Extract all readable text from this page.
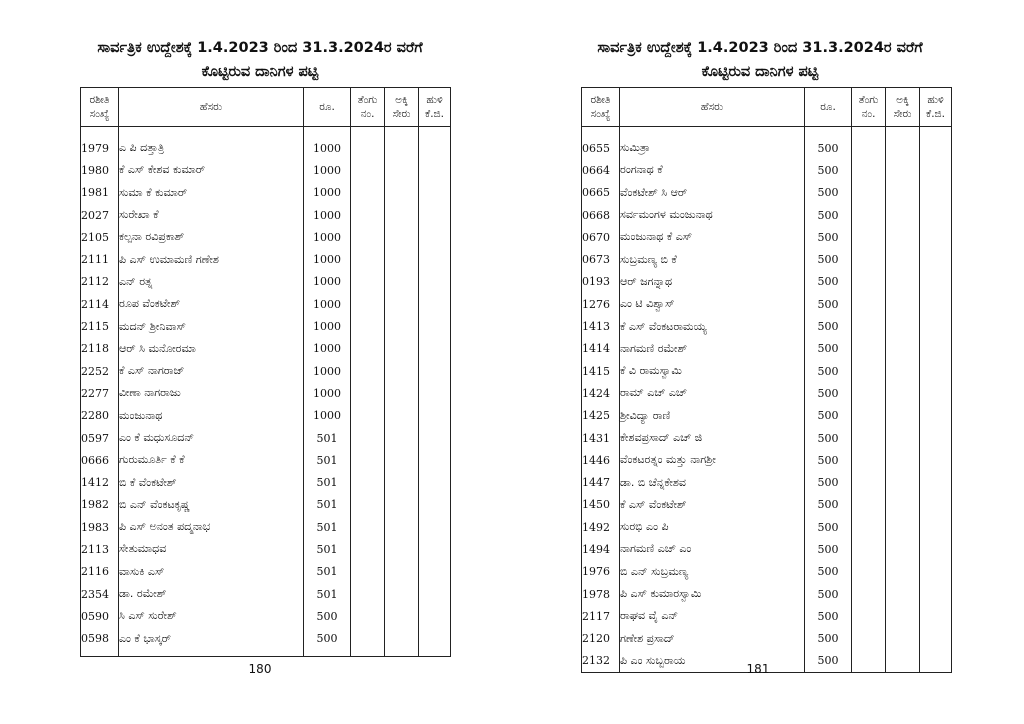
ಸಾರ್ವತ್ರಿಕ ಉದ್ದೇಶಕ್ಕೆ 1.4.2023 ರಿಂದ 31.3.2024ರ ವರೆಗೆ
ಕೊಟ್ಟಿರುವ ದಾನಿಗಳ ಪಟ್ಟಿ
ರಶೀತಿ ಸಂಖ್ಯೆ	ಹೆಸರು	ರೂ.	ತೆಂಗು ನಂ.	ಅಕ್ಕಿ ಸೇರು	ಹುಳಿ ಕೆ.ಜಿ.

1979	ಎ ಪಿ ದತ್ತಾತ್ರಿ	1000			
1980	ಕೆ ಎಸ್ ಕೇಶವ ಕುಮಾರ್	1000			
1981	ಸುಮಾ ಕೆ ಕುಮಾರ್	1000			
2027	ಸುರೇಖಾ ಕೆ	1000			
2105	ಕಲ್ಪನಾ ರವಿಪ್ರಕಾಶ್	1000			
2111	ಪಿ ಎಸ್ ಉಮಾಮಣಿ ಗಣೇಶ	1000			
2112	ಎನ್ ರತ್ನ	1000			
2114	ರೂಪ ವೆಂಕಟೇಶ್	1000			
2115	ಮದನ್ ಶ್ರೀನಿವಾಸ್	1000			
2118	ಆರ್ ಸಿ ಮನೋರಮಾ	1000			
2252	ಕೆ ಎಸ್ ನಾಗರಾಜ್	1000			
2277	ವೀಣಾ ನಾಗರಾಜು	1000			
2280	ಮಂಜುನಾಥ	1000			
0597	ಎಂ ಕೆ ಮಧುಸೂದನ್	501			
0666	ಗುರುಮೂರ್ತಿ ಕೆ ಕೆ	501			
1412	ಬಿ ಕೆ ವೆಂಕಟೇಶ್	501			
1982	ಬಿ ಎನ್ ವೆಂಕಟಕೃಷ್ಣ	501			
1983	ಪಿ ಎಸ್ ಅನಂತ ಪದ್ಮನಾಭ	501			
2113	ಸೇತುಮಾಧವ	501			
2116	ವಾಸುಕಿ ಎಸ್	501			
2354	ಡಾ. ರಮೇಶ್	501			
0590	ಸಿ ಎಸ್ ಸುರೇಶ್	500			
0598	ಎಂ ಕೆ ಭಾಸ್ಕರ್	500			

180
ಸಾರ್ವತ್ರಿಕ ಉದ್ದೇಶಕ್ಕೆ 1.4.2023 ರಿಂದ 31.3.2024ರ ವರೆಗೆ
ಕೊಟ್ಟಿರುವ ದಾನಿಗಳ ಪಟ್ಟಿ
ರಶೀತಿ ಸಂಖ್ಯೆ	ಹೆಸರು	ರೂ.	ತೆಂಗು ನಂ.	ಅಕ್ಕಿ ಸೇರು	ಹುಳಿ ಕೆ.ಜಿ.

0655	ಸುಮಿತ್ರಾ	500			
0664	ರಂಗನಾಥ ಕೆ	500			
0665	ವೆಂಕಟೇಶ್ ಸಿ ಆರ್	500			
0668	ಸರ್ವಮಂಗಳ ಮಂಜುನಾಥ	500			
0670	ಮಂಜುನಾಥ ಕೆ ಎಸ್	500			
0673	ಸುಬ್ರಮಣ್ಯ ಬಿ ಕೆ	500			
0193	ಆರ್ ಜಗನ್ನಾಥ	500			
1276	ಎಂ ಟಿ ವಿಶ್ವಾಸ್	500			
1413	ಕೆ ಎಸ್ ವೆಂಕಟರಾಮಯ್ಯ	500			
1414	ನಾಗಮಣಿ ರಮೇಶ್	500			
1415	ಕೆ ವಿ ರಾಮಸ್ವಾಮಿ	500			
1424	ರಾಮ್ ಎಚ್ ಎಚ್	500			
1425	ಶ್ರೀವಿದ್ಯಾ ರಾಣಿ	500			
1431	ಕೇಶವಪ್ರಸಾದ್ ಎಚ್ ಜಿ	500			
1446	ವೆಂಕಟರತ್ನಂ ಮತ್ತು ನಾಗಶ್ರೀ	500			
1447	ಡಾ. ಬಿ ಚೆನ್ನಕೇಶವ	500			
1450	ಕೆ ಎಸ್ ವೆಂಕಟೇಶ್	500			
1492	ಸುರಭಿ ಎಂ ಪಿ	500			
1494	ನಾಗಮಣಿ ಎಚ್ ಎಂ	500			
1976	ಬಿ ಎನ್ ಸುಬ್ರಮಣ್ಯ	500			
1978	ಪಿ ಎಸ್ ಕುಮಾರಸ್ವಾಮಿ	500			
2117	ರಾಘವ ವೈ ಎನ್	500			
2120	ಗಣೇಶ ಪ್ರಸಾದ್	500			
2132	ಪಿ ಎಂ ಸುಬ್ಬರಾಯ	500			
181
